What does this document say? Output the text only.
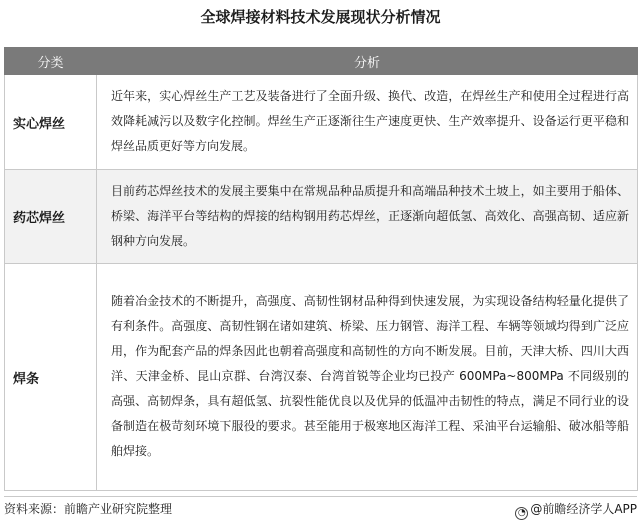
全球焊接材料技术发展现状分析情况
分类	分析
实心焊丝	近年来，实心焊丝生产工艺及装备进行了全面升级、换代、改造，在焊丝生产和使用全过程进行高效降耗减污以及数字化控制。焊丝生产正逐渐往生产速度更快、生产效率提升、设备运行更平稳和焊丝品质更好等方向发展。
药芯焊丝	目前药芯焊丝技术的发展主要集中在常规品种品质提升和高端品种技术土坡上，如主要用于船体、桥梁、海洋平台等结构的焊接的结构钢用药芯焊丝，正逐渐向超低氢、高效化、高强高韧、适应新钢种方向发展。
焊条	随着冶金技术的不断提升，高强度、高韧性钢材品种得到快速发展，为实现设备结构轻量化提供了有利条件。高强度、高韧性钢在诸如建筑、桥梁、压力钢管、海洋工程、车辆等领域均得到广泛应用，作为配套产品的焊条因此也朝着高强度和高韧性的方向不断发展。目前，天津大桥、四川大西洋、天津金桥、昆山京群、台湾汉泰、台湾首锐等企业均已投产 600MPa~800MPa 不同级别的高强、高韧焊条，具有超低氢、抗裂性能优良以及优异的低温冲击韧性的特点，满足不同行业的设备制造在极苛刻环境下服役的要求。甚至能用于极寒地区海洋工程、采油平台运输船、破冰船等船舶焊接。
资料来源：前瞻产业研究院整理	◔ @前瞻经济学人APP
